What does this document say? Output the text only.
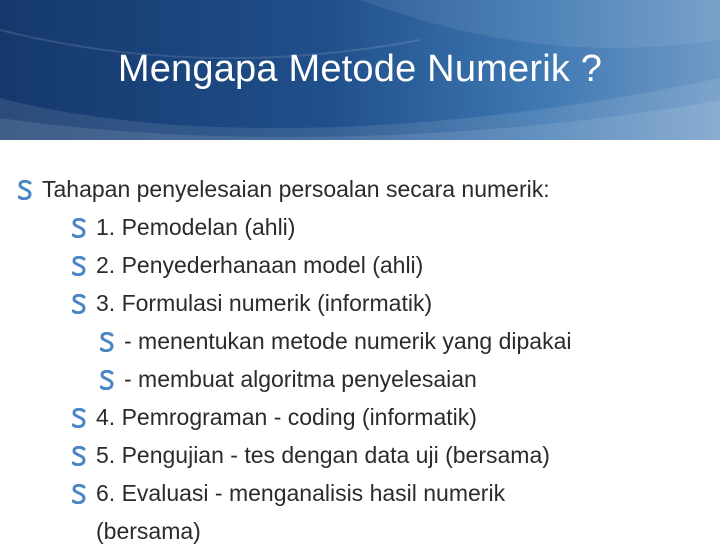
Mengapa Metode Numerik ?
Tahapan penyelesaian persoalan secara numerik:
1. Pemodelan (ahli)
2. Penyederhanaan model (ahli)
3. Formulasi numerik (informatik)
- menentukan metode numerik yang dipakai
- membuat algoritma penyelesaian
4. Pemrograman - coding (informatik)
5. Pengujian - tes dengan data uji (bersama)
6. Evaluasi - menganalisis hasil numerik
(bersama)
